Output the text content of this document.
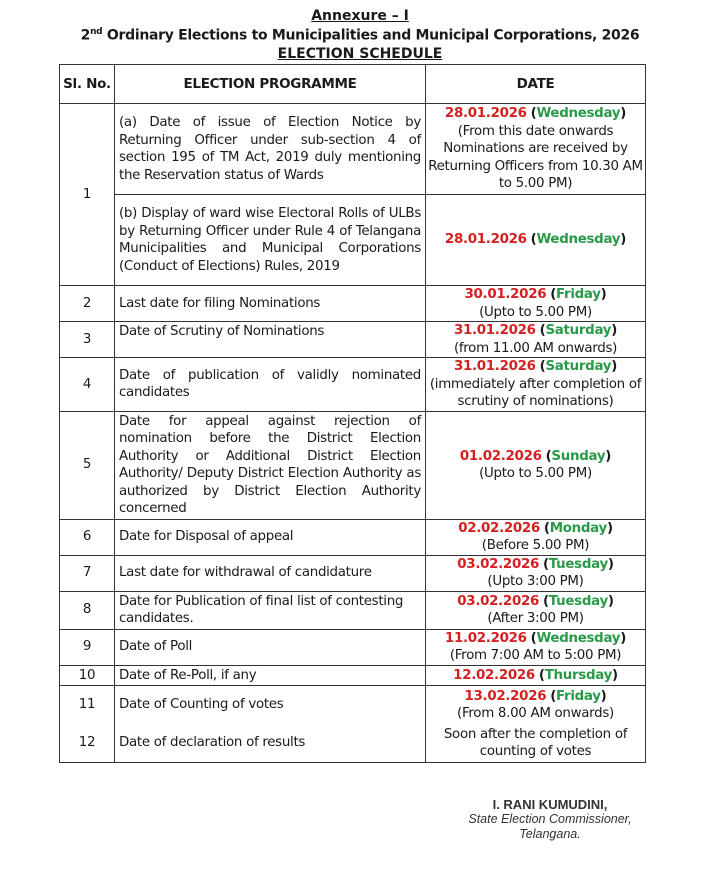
Annexure – I
2nd Ordinary Elections to Municipalities and Municipal Corporations, 2026
ELECTION SCHEDULE
Sl. No.	ELECTION PROGRAMME	DATE
1	(a) Date of issue of Election Notice by Returning Officer under sub-section 4 of section 195 of TM Act, 2019 duly mentioning the Reservation status of Wards	28.01.2026 (Wednesday)
(From this date onwards Nominations are received by Returning Officers from 10.30 AM to 5.00 PM)
	(b) Display of ward wise Electoral Rolls of ULBs by Returning Officer under Rule 4 of Telangana Municipalities and Municipal Corporations (Conduct of Elections) Rules, 2019	28.01.2026 (Wednesday)
2	Last date for filing Nominations	30.01.2026 (Friday)
(Upto to 5.00 PM)
3	Date of Scrutiny of Nominations	31.01.2026 (Saturday)
(from 11.00 AM onwards)
4	Date of publication of validly nominated candidates	31.01.2026 (Saturday)
(immediately after completion of scrutiny of nominations)
5	Date for appeal against rejection of nomination before the District Election Authority or Additional District Election Authority/ Deputy District Election Authority as authorized by District Election Authority concerned	01.02.2026 (Sunday)
(Upto to 5.00 PM)
6	Date for Disposal of appeal	02.02.2026 (Monday)
(Before 5.00 PM)
7	Last date for withdrawal of candidature	03.02.2026 (Tuesday)
(Upto 3:00 PM)
8	Date for Publication of final list of contesting candidates.	03.02.2026 (Tuesday)
(After 3:00 PM)
9	Date of Poll	11.02.2026 (Wednesday)
(From 7:00 AM to 5:00 PM)
10	Date of Re-Poll, if any	12.02.2026 (Thursday)
11	Date of Counting of votes	13.02.2026 (Friday)
(From 8.00 AM onwards)
12	Date of declaration of results	Soon after the completion of counting of votes
I. RANI KUMUDINI,
State Election Commissioner,
Telangana.
